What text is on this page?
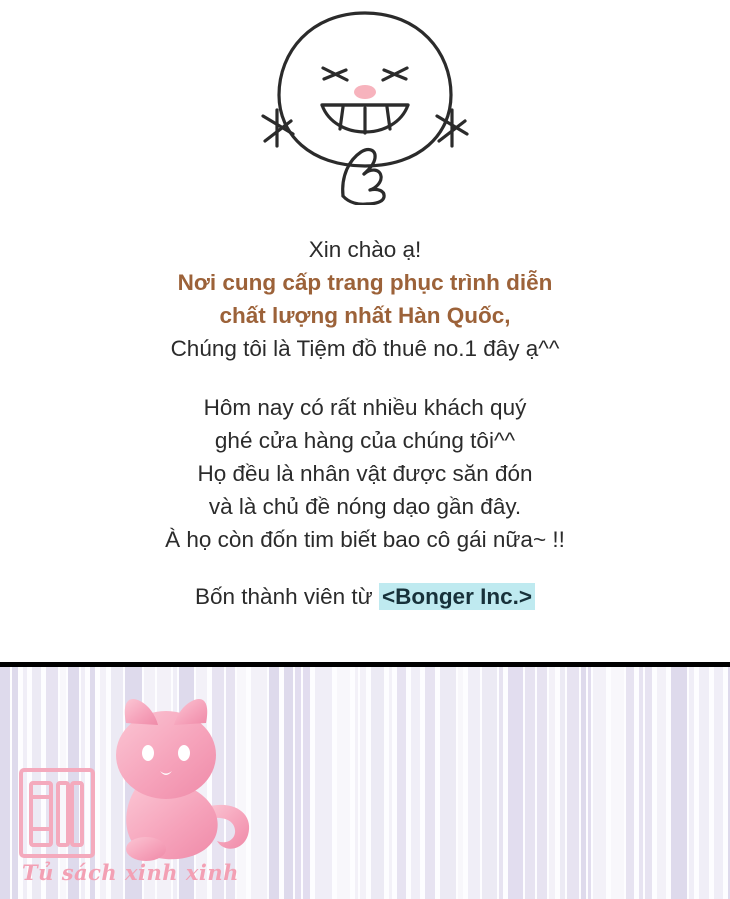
Xin chào ạ!
Nơi cung cấp trang phục trình diễn
chất lượng nhất Hàn Quốc,
Chúng tôi là Tiệm đồ thuê no.1 đây ạ^^
Hôm nay có rất nhiều khách quý
ghé cửa hàng của chúng tôi^^
Họ đều là nhân vật được săn đón
và là chủ đề nóng dạo gần đây.
À họ còn đốn tim biết bao cô gái nữa~ !!
Bốn thành viên từ <Bonger Inc.>
Tủ sách xinh xinh
